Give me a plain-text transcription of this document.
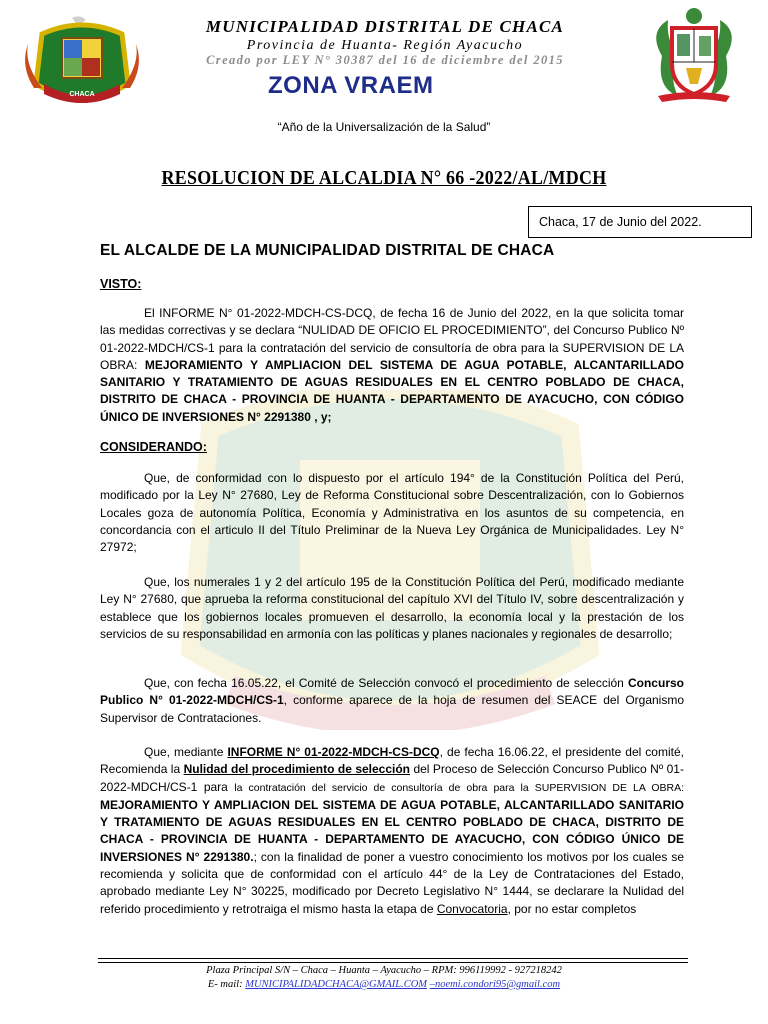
CHACA
2015
MUNICIPALIDAD DISTRITAL DE CHACA
Provincia de Huanta- Región Ayacucho
Creado por LEY N° 30387 del 16 de diciembre del 2015
ZONA VRAEM
“Año de la Universalización de la Salud”
RESOLUCION DE ALCALDIA N° 66 -2022/AL/MDCH
Chaca, 17 de Junio del 2022.
EL ALCALDE DE LA MUNICIPALIDAD DISTRITAL DE CHACA
VISTO:

El INFORME N° 01-2022-MDCH-CS-DCQ, de fecha 16 de Junio del 2022, en la que solicita tomar las medidas correctivas y se declara “NULIDAD DE OFICIO EL PROCEDIMIENTO”, del Concurso Publico Nº 01-2022-MDCH/CS-1 para la contratación del servicio de consultoría de obra para la SUPERVISION DE LA OBRA: MEJORAMIENTO Y AMPLIACION DEL SISTEMA DE AGUA POTABLE, ALCANTARILLADO SANITARIO Y TRATAMIENTO DE AGUAS RESIDUALES EN EL CENTRO POBLADO DE CHACA, DISTRITO DE CHACA - PROVINCIA DE HUANTA - DEPARTAMENTO DE AYACUCHO, CON CÓDIGO ÚNICO DE INVERSIONES N° 2291380 , y;

CONSIDERANDO:

Que, de conformidad con lo dispuesto por el artículo 194° de la Constitución Política del Perú, modificado por la Ley N° 27680, Ley de Reforma Constitucional sobre Descentralización, con lo Gobiernos Locales goza de autonomía Política, Economía y Administrativa en los asuntos de su competencia, en concordancia con el articulo II del Título Preliminar de la Nueva Ley Orgánica de Municipalidades. Ley N° 27972;

Que, los numerales 1 y 2 del artículo 195 de la Constitución Política del Perú, modificado mediante Ley N° 27680, que aprueba la reforma constitucional del capítulo XVI del Título IV, sobre descentralización y establece que los gobiernos locales promueven el desarrollo, la economía local y la prestación de los servicios de su responsabilidad en armonía con las políticas y planes nacionales y regionales de desarrollo;

Que, con fecha 16.05.22, el Comité de Selección convocó el procedimiento de selección Concurso Publico N° 01-2022-MDCH/CS-1, conforme aparece de la hoja de resumen del SEACE del Organismo Supervisor de Contrataciones.

Que, mediante INFORME N° 01-2022-MDCH-CS-DCQ, de fecha 16.06.22, el presidente del comité, Recomienda la Nulidad del procedimiento de selección del Proceso de Selección Concurso Publico Nº 01-2022-MDCH/CS-1 para la contratación del servicio de consultoría de obra para la SUPERVISION DE LA OBRA: MEJORAMIENTO Y AMPLIACION DEL SISTEMA DE AGUA POTABLE, ALCANTARILLADO SANITARIO Y TRATAMIENTO DE AGUAS RESIDUALES EN EL CENTRO POBLADO DE CHACA, DISTRITO DE CHACA - PROVINCIA DE HUANTA - DEPARTAMENTO DE AYACUCHO, CON CÓDIGO ÚNICO DE INVERSIONES N° 2291380.; con la finalidad de poner a vuestro conocimiento los motivos por los cuales se recomienda y solicita que de conformidad con el artículo 44° de la Ley de Contrataciones del Estado, aprobado mediante Ley N° 30225, modificado por Decreto Legislativo N° 1444, se declarare la Nulidad del referido procedimiento y retrotraiga el mismo hasta la etapa de Convocatoria, por no estar completos

Plaza Principal S/N – Chaca – Huanta – Ayacucho – RPM: 996119992 - 927218242
E- mail: MUNICIPALIDADCHACA@GMAIL.COM –noemi.condori95@gmail.com
